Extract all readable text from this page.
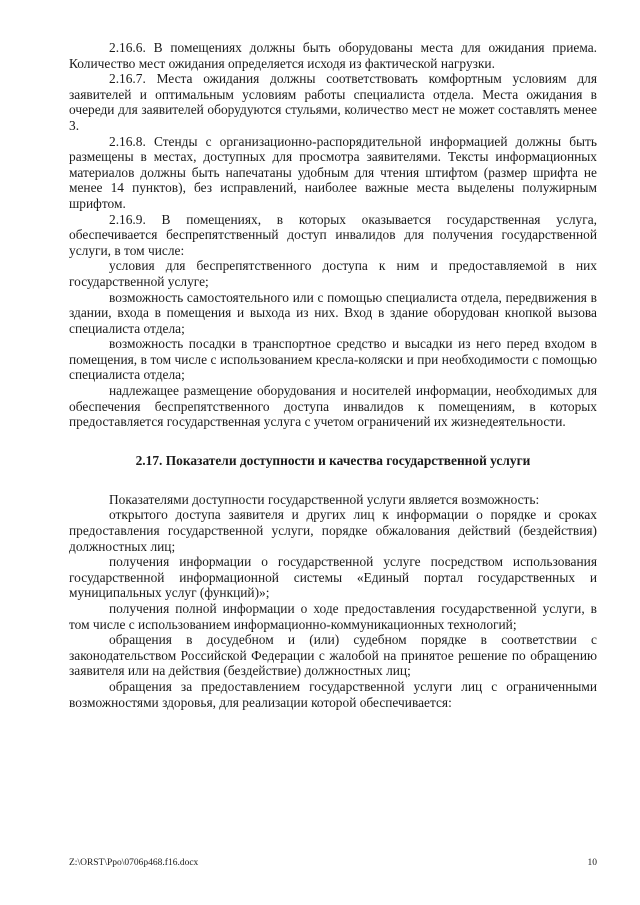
2.16.6. В помещениях должны быть оборудованы места для ожидания приема. Количество мест ожидания определяется исходя из фактической нагрузки.

2.16.7. Места ожидания должны соответствовать комфортным условиям для заявителей и оптимальным условиям работы специалиста отдела. Места ожидания в очереди для заявителей оборудуются стульями, количество мест не может составлять менее 3.

2.16.8. Стенды с организационно-распорядительной информацией должны быть размещены в местах, доступных для просмотра заявителями. Тексты информационных материалов должны быть напечатаны удобным для чтения штифтом (размер шрифта не менее 14 пунктов), без исправлений, наиболее важные места выделены полужирным шрифтом.

2.16.9. В помещениях, в которых оказывается государственная услуга, обеспечивается беспрепятственный доступ инвалидов для получения государственной услуги, в том числе:

условия для беспрепятственного доступа к ним и предоставляемой в них государственной услуге;

возможность самостоятельного или с помощью специалиста отдела, передвижения в здании, входа в помещения и выхода из них. Вход в здание оборудован кнопкой вызова специалиста отдела;

возможность посадки в транспортное средство и высадки из него перед входом в помещения, в том числе с использованием кресла-коляски и при необходимости с помощью специалиста отдела;

надлежащее размещение оборудования и носителей информации, необходимых для обеспечения беспрепятственного доступа инвалидов к помещениям, в которых предоставляется государственная услуга с учетом ограничений их жизнедеятельности.

2.17. Показатели доступности и качества государственной услуги

Показателями доступности государственной услуги является возможность:

открытого доступа заявителя и других лиц к информации о порядке и сроках предоставления государственной услуги, порядке обжалования действий (бездействия) должностных лиц;

получения информации о государственной услуге посредством использования государственной информационной системы «Единый портал государственных и муниципальных услуг (функций)»;

получения полной информации о ходе предоставления государственной услуги, в том числе с использованием информационно-коммуникационных технологий;

обращения в досудебном и (или) судебном порядке в соответствии с законодательством Российской Федерации с жалобой на принятое решение по обращению заявителя или на действия (бездействие) должностных лиц;

обращения за предоставлением государственной услуги лиц с ограниченными возможностями здоровья, для реализации которой обеспечивается:

Z:\ORST\Ppo\0706p468.f16.docx	10
